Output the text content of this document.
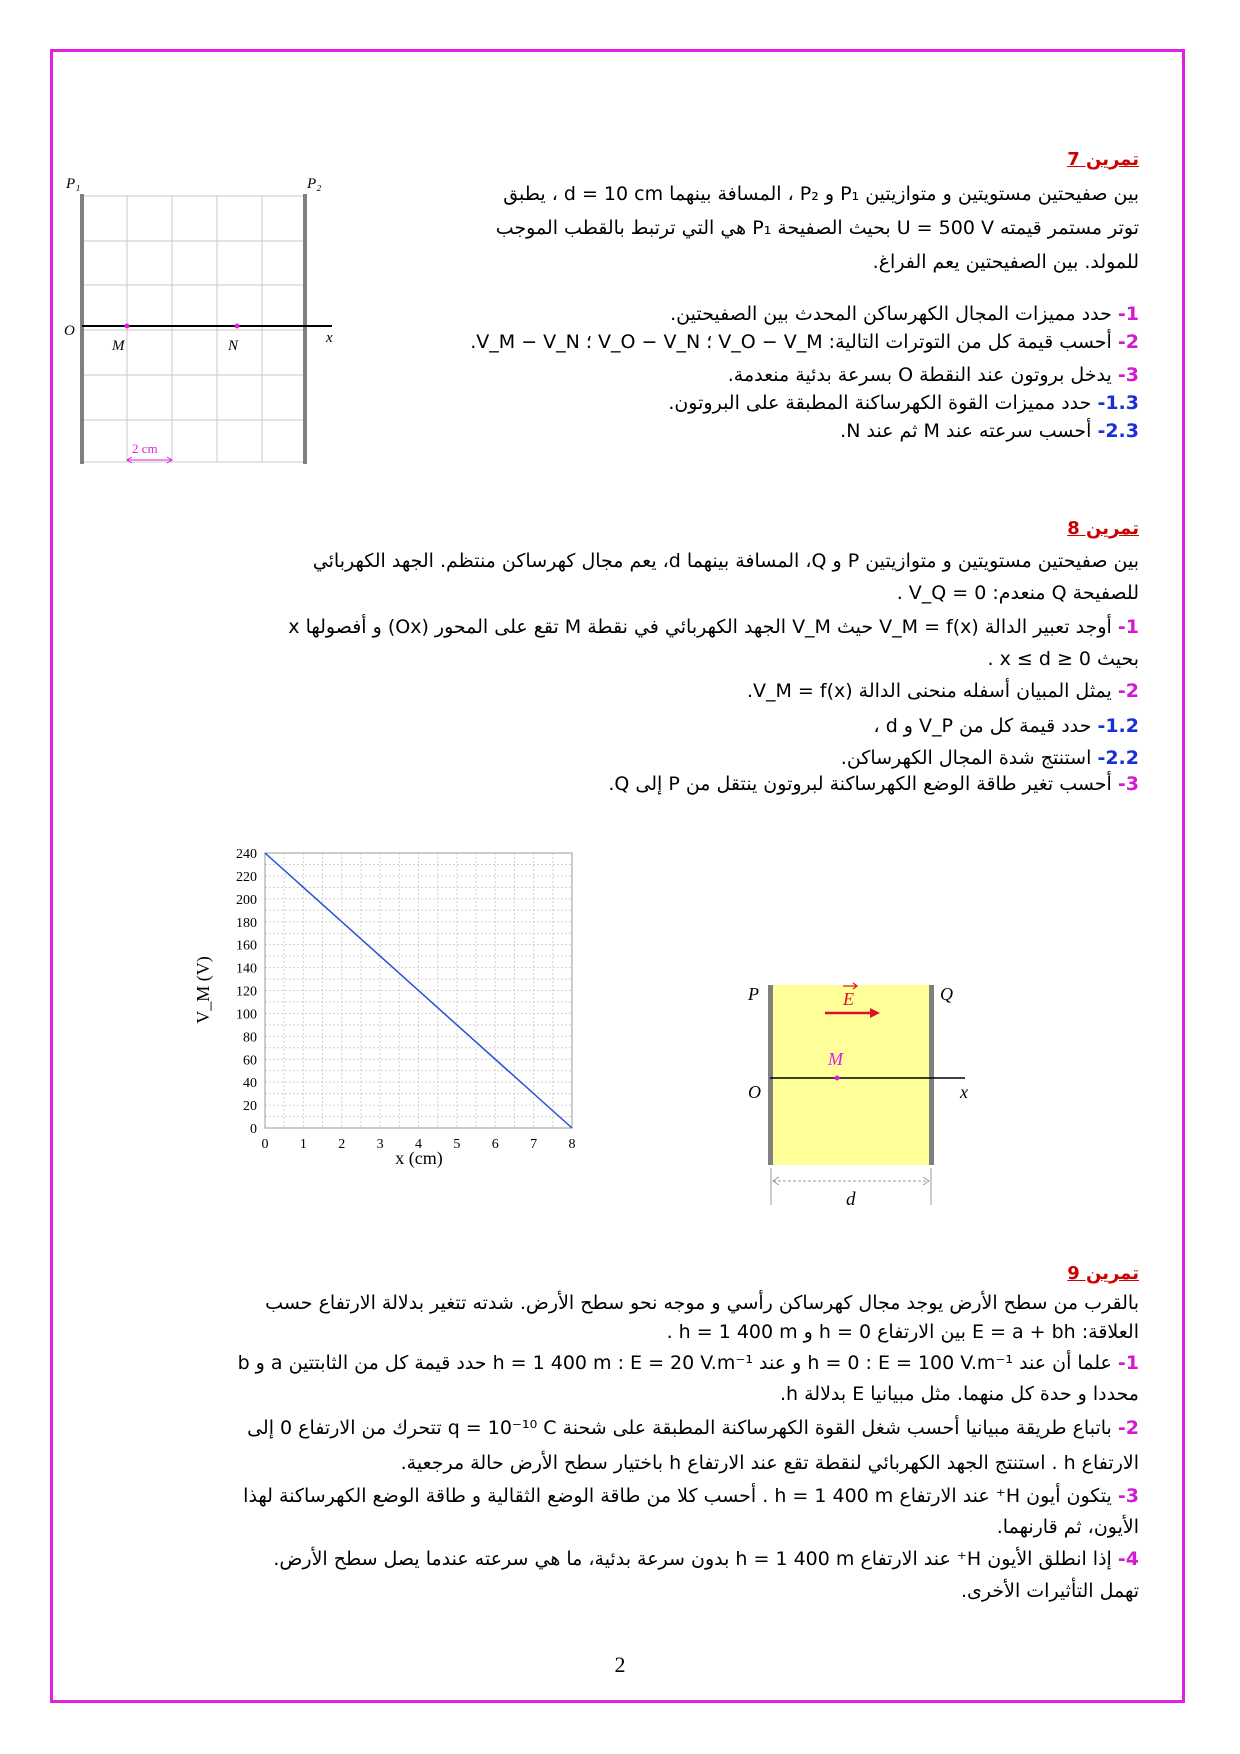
تمرين 7
بين صفيحتين مستويتين و متوازيتين P₁ و P₂ ، المسافة بينهما d = 10 cm ، يطبق
توتر مستمر قيمته U = 500 V بحيث الصفيحة P₁ هي التي ترتبط بالقطب الموجب
للمولد. بين الصفيحتين يعم الفراغ.
1- حدد مميزات المجال الكهرساكن المحدث بين الصفيحتين.
2- أحسب قيمة كل من التوترات التالية: V_O − V_M ؛ V_O − V_N ؛ V_M − V_N.
3- يدخل بروتون عند النقطة O بسرعة بدئية منعدمة.
1.3- حدد مميزات القوة الكهرساكنة المطبقة على البروتون.
2.3- أحسب سرعته عند M ثم عند N.
P₁	P₂
O	x
M	N
2 cm
تمرين 8
بين صفيحتين مستويتين و متوازيتين P و Q، المسافة بينهما d، يعم مجال كهرساكن منتظم. الجهد الكهربائي
للصفيحة Q منعدم: V_Q = 0 .
1- أوجد تعبير الدالة V_M = f(x) حيث V_M الجهد الكهربائي في نقطة M تقع على المحور (Ox) و أفصولها x
بحيث 0 ≤ x ≤ d .
2- يمثل المبيان أسفله منحنى الدالة V_M = f(x).
1.2- حدد قيمة كل من V_P و d ،
2.2- استنتج شدة المجال الكهرساكن.
3- أحسب تغير طاقة الوضع الكهرساكنة لبروتون ينتقل من P إلى Q.
0 1 2 3 4 5 6 7 8
0
20
40
60
80
100
120
140
160
180
200
220
240
x (cm)
V_M (V)	E
M
P	Q
O	x
d
تمرين 9
بالقرب من سطح الأرض يوجد مجال كهرساكن رأسي و موجه نحو سطح الأرض. شدته تتغير بدلالة الارتفاع حسب
العلاقة: E = a + bh بين الارتفاع h = 0 و h = 1 400 m .
1- علما أن عند h = 0 : E = 100 V.m⁻¹ و عند h = 1 400 m : E = 20 V.m⁻¹ حدد قيمة كل من الثابتتين a و b
محددا و حدة كل منهما. مثل مبيانيا E بدلالة h.
2- باتباع طريقة مبيانيا أحسب شغل القوة الكهرساكنة المطبقة على شحنة q = 10⁻¹⁰ C تتحرك من الارتفاع 0 إلى
الارتفاع h . استنتج الجهد الكهربائي لنقطة تقع عند الارتفاع h باختيار سطح الأرض حالة مرجعية.
3- يتكون أيون H⁺ عند الارتفاع h = 1 400 m . أحسب كلا من طاقة الوضع الثقالية و طاقة الوضع الكهرساكنة لهذا
الأيون، ثم قارنهما.
4- إذا انطلق الأيون H⁺ عند الارتفاع h = 1 400 m بدون سرعة بدئية، ما هي سرعته عندما يصل سطح الأرض.
تهمل التأثيرات الأخرى.
2
